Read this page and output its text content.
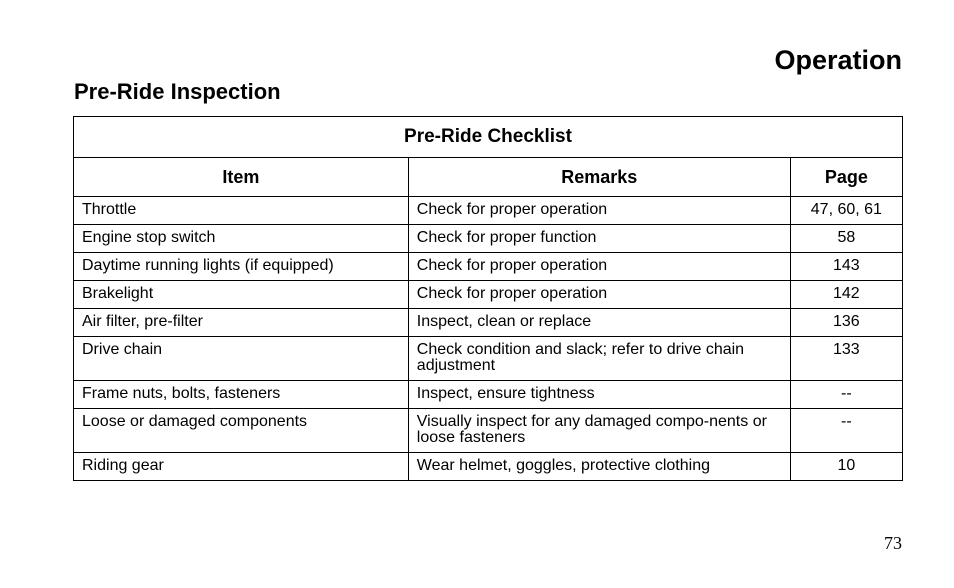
Operation
Pre-Ride Inspection
Pre-Ride Checklist		
Item	Remarks	Page
Throttle	Check for proper operation	47, 60, 61
Engine stop switch	Check for proper function	58
Daytime running lights (if equipped)	Check for proper operation	143
Brakelight	Check for proper operation	142
Air filter, pre-filter	Inspect, clean or replace	136
Drive chain	Check condition and slack; refer to drive chain adjustment	133
Frame nuts, bolts, fasteners	Inspect, ensure tightness	--
Loose or damaged components	Visually inspect for any damaged compo-nents or loose fasteners	--
Riding gear	Wear helmet, goggles, protective clothing	10
73
